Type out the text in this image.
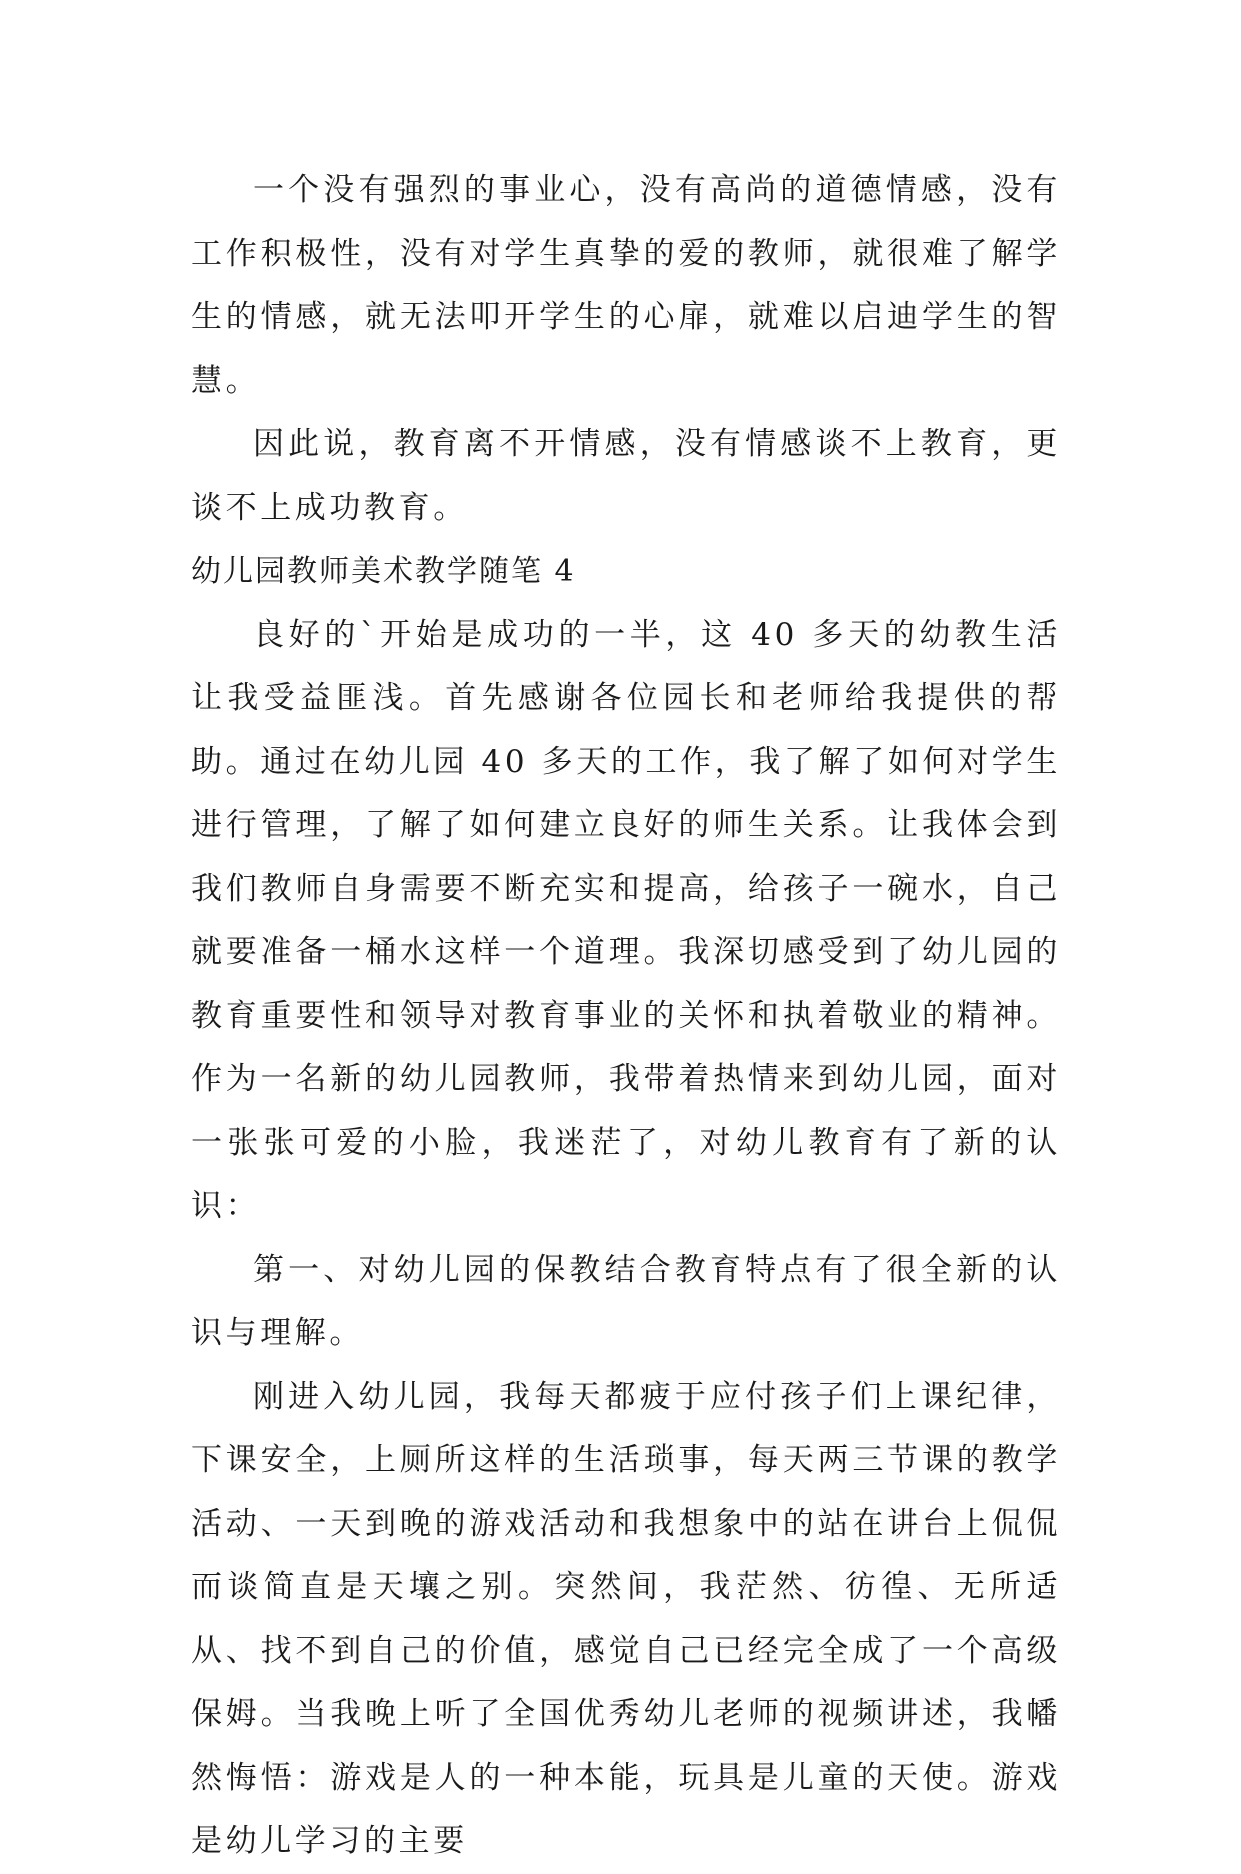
一个没有强烈的事业心，没有高尚的道德情感，没有工作积极性，没有对学生真挚的爱的教师，就很难了解学生的情感，就无法叩开学生的心扉，就难以启迪学生的智慧。

因此说，教育离不开情感，没有情感谈不上教育，更谈不上成功教育。

幼儿园教师美术教学随笔 4

良好的`开始是成功的一半，这 40 多天的幼教生活让我受益匪浅。首先感谢各位园长和老师给我提供的帮助。通过在幼儿园 40 多天的工作，我了解了如何对学生进行管理，了解了如何建立良好的师生关系。让我体会到我们教师自身需要不断充实和提高，给孩子一碗水，自己就要准备一桶水这样一个道理。我深切感受到了幼儿园的教育重要性和领导对教育事业的关怀和执着敬业的精神。作为一名新的幼儿园教师，我带着热情来到幼儿园，面对一张张可爱的小脸，我迷茫了，对幼儿教育有了新的认识：

第一、对幼儿园的保教结合教育特点有了很全新的认识与理解。

刚进入幼儿园，我每天都疲于应付孩子们上课纪律，下课安全，上厕所这样的生活琐事，每天两三节课的教学活动、一天到晚的游戏活动和我想象中的站在讲台上侃侃而谈简直是天壤之别。突然间，我茫然、彷徨、无所适从、找不到自己的价值，感觉自己已经完全成了一个高级保姆。当我晚上听了全国优秀幼儿老师的视频讲述，我幡然悔悟：游戏是人的一种本能，玩具是儿童的天使。游戏是幼儿学习的主要
